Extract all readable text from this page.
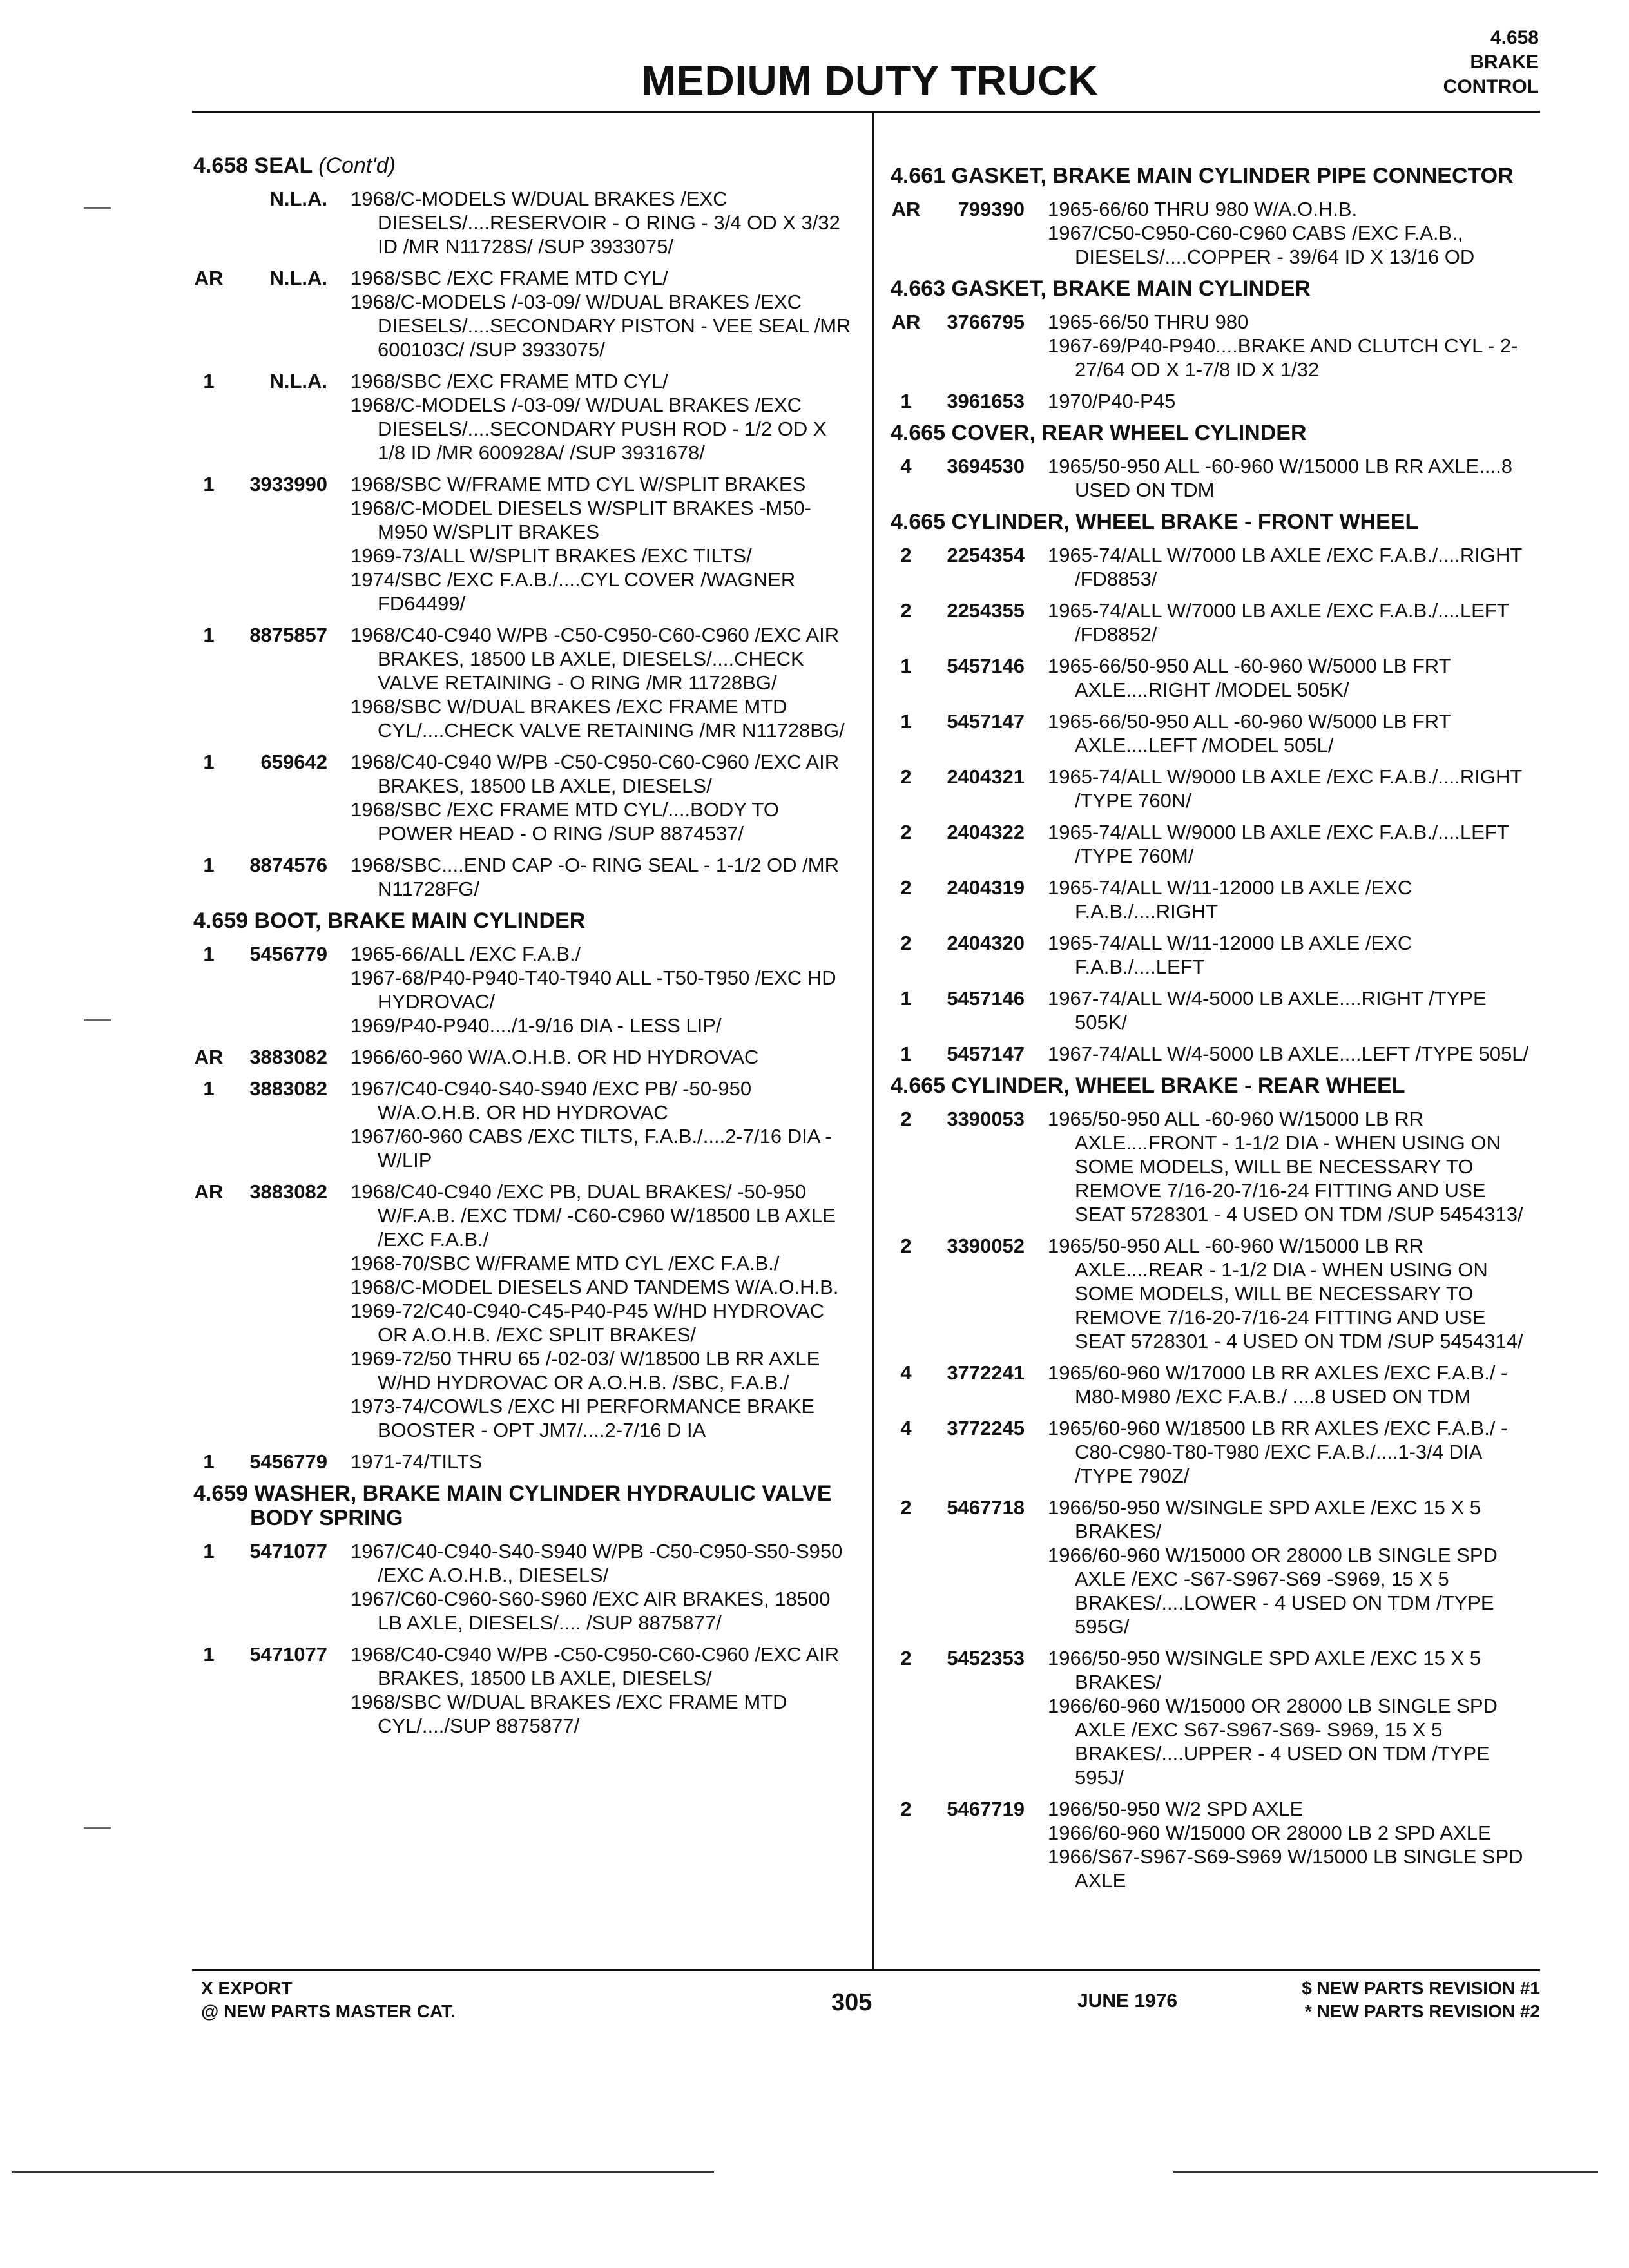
MEDIUM DUTY TRUCK
4.658
BRAKE
CONTROL
4.658 SEAL (Cont'd)
N.L.A.	1968/C-MODELS W/DUAL BRAKES /EXC DIESELS/....RESERVOIR - O RING - 3/4 OD X 3/32 ID /MR N11728S/ /SUP 3933075/
AR	N.L.A.	1968/SBC /EXC FRAME MTD CYL/
1968/C-MODELS /-03-09/ W/DUAL BRAKES /EXC DIESELS/....SECONDARY PISTON - VEE SEAL /MR 600103C/ /SUP 3933075/
1	N.L.A.	1968/SBC /EXC FRAME MTD CYL/
1968/C-MODELS /-03-09/ W/DUAL BRAKES /EXC DIESELS/....SECONDARY PUSH ROD - 1/2 OD X 1/8 ID /MR 600928A/ /SUP 3931678/
1	3933990	1968/SBC W/FRAME MTD CYL W/SPLIT BRAKES
1968/C-MODEL DIESELS W/SPLIT BRAKES -M50-M950 W/SPLIT BRAKES
1969-73/ALL W/SPLIT BRAKES /EXC TILTS/
1974/SBC /EXC F.A.B./....CYL COVER /WAGNER FD64499/
1	8875857	1968/C40-C940 W/PB -C50-C950-C60-C960 /EXC AIR BRAKES, 18500 LB AXLE, DIESELS/....CHECK VALVE RETAINING - O RING /MR 11728BG/
1968/SBC W/DUAL BRAKES /EXC FRAME MTD CYL/....CHECK VALVE RETAINING /MR N11728BG/
1	659642	1968/C40-C940 W/PB -C50-C950-C60-C960 /EXC AIR BRAKES, 18500 LB AXLE, DIESELS/
1968/SBC /EXC FRAME MTD CYL/....BODY TO POWER HEAD - O RING /SUP 8874537/
1	8874576	1968/SBC....END CAP -O- RING SEAL - 1-1/2 OD /MR N11728FG/
4.659 BOOT, BRAKE MAIN CYLINDER
1	5456779	1965-66/ALL /EXC F.A.B./
1967-68/P40-P940-T40-T940 ALL -T50-T950 /EXC HD HYDROVAC/
1969/P40-P940..../1-9/16 DIA - LESS LIP/
AR	3883082	1966/60-960 W/A.O.H.B. OR HD HYDROVAC
1	3883082	1967/C40-C940-S40-S940 /EXC PB/ -50-950 W/A.O.H.B. OR HD HYDROVAC
1967/60-960 CABS /EXC TILTS, F.A.B./....2-7/16 DIA - W/LIP
AR	3883082	1968/C40-C940 /EXC PB, DUAL BRAKES/ -50-950 W/F.A.B. /EXC TDM/ -C60-C960 W/18500 LB AXLE /EXC F.A.B./
1968-70/SBC W/FRAME MTD CYL /EXC F.A.B./
1968/C-MODEL DIESELS AND TANDEMS W/A.O.H.B.
1969-72/C40-C940-C45-P40-P45 W/HD HYDROVAC OR A.O.H.B. /EXC SPLIT BRAKES/
1969-72/50 THRU 65 /-02-03/ W/18500 LB RR AXLE W/HD HYDROVAC OR A.O.H.B. /SBC, F.A.B./
1973-74/COWLS /EXC HI PERFORMANCE BRAKE BOOSTER - OPT JM7/....2-7/16 D IA
1	5456779	1971-74/TILTS
4.659 WASHER, BRAKE MAIN CYLINDER HYDRAULIC VALVE BODY SPRING
1	5471077	1967/C40-C940-S40-S940 W/PB -C50-C950-S50-S950 /EXC A.O.H.B., DIESELS/
1967/C60-C960-S60-S960 /EXC AIR BRAKES, 18500 LB AXLE, DIESELS/.... /SUP 8875877/
1	5471077	1968/C40-C940 W/PB -C50-C950-C60-C960 /EXC AIR BRAKES, 18500 LB AXLE, DIESELS/
1968/SBC W/DUAL BRAKES /EXC FRAME MTD CYL/..../SUP 8875877/
4.661 GASKET, BRAKE MAIN CYLINDER PIPE CONNECTOR
AR	799390	1965-66/60 THRU 980 W/A.O.H.B.
1967/C50-C950-C60-C960 CABS /EXC F.A.B., DIESELS/....COPPER - 39/64 ID X 13/16 OD
4.663 GASKET, BRAKE MAIN CYLINDER
AR	3766795	1965-66/50 THRU 980
1967-69/P40-P940....BRAKE AND CLUTCH CYL - 2-27/64 OD X 1-7/8 ID X 1/32
1	3961653	1970/P40-P45
4.665 COVER, REAR WHEEL CYLINDER
4	3694530	1965/50-950 ALL -60-960 W/15000 LB RR AXLE....8 USED ON TDM
4.665 CYLINDER, WHEEL BRAKE - FRONT WHEEL
2	2254354	1965-74/ALL W/7000 LB AXLE /EXC F.A.B./....RIGHT /FD8853/
2	2254355	1965-74/ALL W/7000 LB AXLE /EXC F.A.B./....LEFT /FD8852/
1	5457146	1965-66/50-950 ALL -60-960 W/5000 LB FRT AXLE....RIGHT /MODEL 505K/
1	5457147	1965-66/50-950 ALL -60-960 W/5000 LB FRT AXLE....LEFT /MODEL 505L/
2	2404321	1965-74/ALL W/9000 LB AXLE /EXC F.A.B./....RIGHT /TYPE 760N/
2	2404322	1965-74/ALL W/9000 LB AXLE /EXC F.A.B./....LEFT /TYPE 760M/
2	2404319	1965-74/ALL W/11-12000 LB AXLE /EXC F.A.B./....RIGHT
2	2404320	1965-74/ALL W/11-12000 LB AXLE /EXC F.A.B./....LEFT
1	5457146	1967-74/ALL W/4-5000 LB AXLE....RIGHT /TYPE 505K/
1	5457147	1967-74/ALL W/4-5000 LB AXLE....LEFT /TYPE 505L/
4.665 CYLINDER, WHEEL BRAKE - REAR WHEEL
2	3390053	1965/50-950 ALL -60-960 W/15000 LB RR AXLE....FRONT - 1-1/2 DIA - WHEN USING ON SOME MODELS, WILL BE NECESSARY TO REMOVE 7/16-20-7/16-24 FITTING AND USE SEAT 5728301 - 4 USED ON TDM /SUP 5454313/
2	3390052	1965/50-950 ALL -60-960 W/15000 LB RR AXLE....REAR - 1-1/2 DIA - WHEN USING ON SOME MODELS, WILL BE NECESSARY TO REMOVE 7/16-20-7/16-24 FITTING AND USE SEAT 5728301 - 4 USED ON TDM /SUP 5454314/
4	3772241	1965/60-960 W/17000 LB RR AXLES /EXC F.A.B./ -M80-M980 /EXC F.A.B./ ....8 USED ON TDM
4	3772245	1965/60-960 W/18500 LB RR AXLES /EXC F.A.B./ -C80-C980-T80-T980 /EXC F.A.B./....1-3/4 DIA /TYPE 790Z/
2	5467718	1966/50-950 W/SINGLE SPD AXLE /EXC 15 X 5 BRAKES/
1966/60-960 W/15000 OR 28000 LB SINGLE SPD AXLE /EXC -S67-S967-S69 -S969, 15 X 5 BRAKES/....LOWER - 4 USED ON TDM /TYPE 595G/
2	5452353	1966/50-950 W/SINGLE SPD AXLE /EXC 15 X 5 BRAKES/
1966/60-960 W/15000 OR 28000 LB SINGLE SPD AXLE /EXC S67-S967-S69- S969, 15 X 5 BRAKES/....UPPER - 4 USED ON TDM /TYPE 595J/
2	5467719	1966/50-950 W/2 SPD AXLE
1966/60-960 W/15000 OR 28000 LB 2 SPD AXLE
1966/S67-S967-S69-S969 W/15000 LB SINGLE SPD AXLE
X EXPORT
@ NEW PARTS MASTER CAT.	305	JUNE 1976
$ NEW PARTS REVISION #1
* NEW PARTS REVISION #2
